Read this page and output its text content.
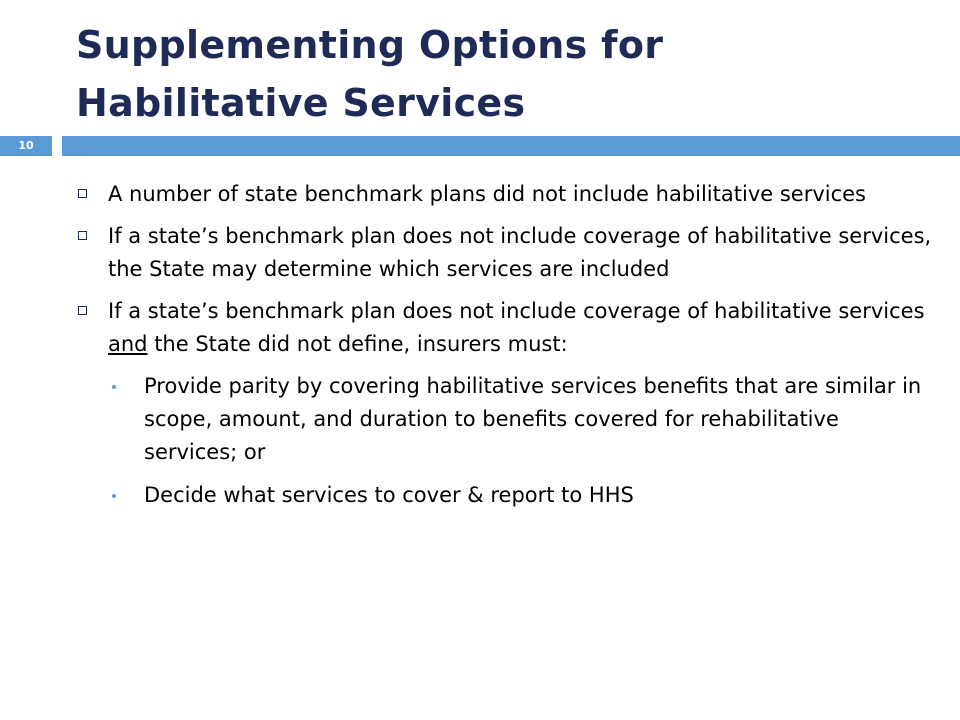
Supplementing Options for
Habilitative Services

10

A number of state benchmark plans did not include habilitative services
If a state’s benchmark plan does not include coverage of habilitative services, the State may determine which services are included
If a state’s benchmark plan does not include coverage of habilitative services and the State did not define, insurers must:
Provide parity by covering habilitative services benefits that are similar in scope, amount, and duration to benefits covered for rehabilitative services; or
Decide what services to cover & report to HHS
